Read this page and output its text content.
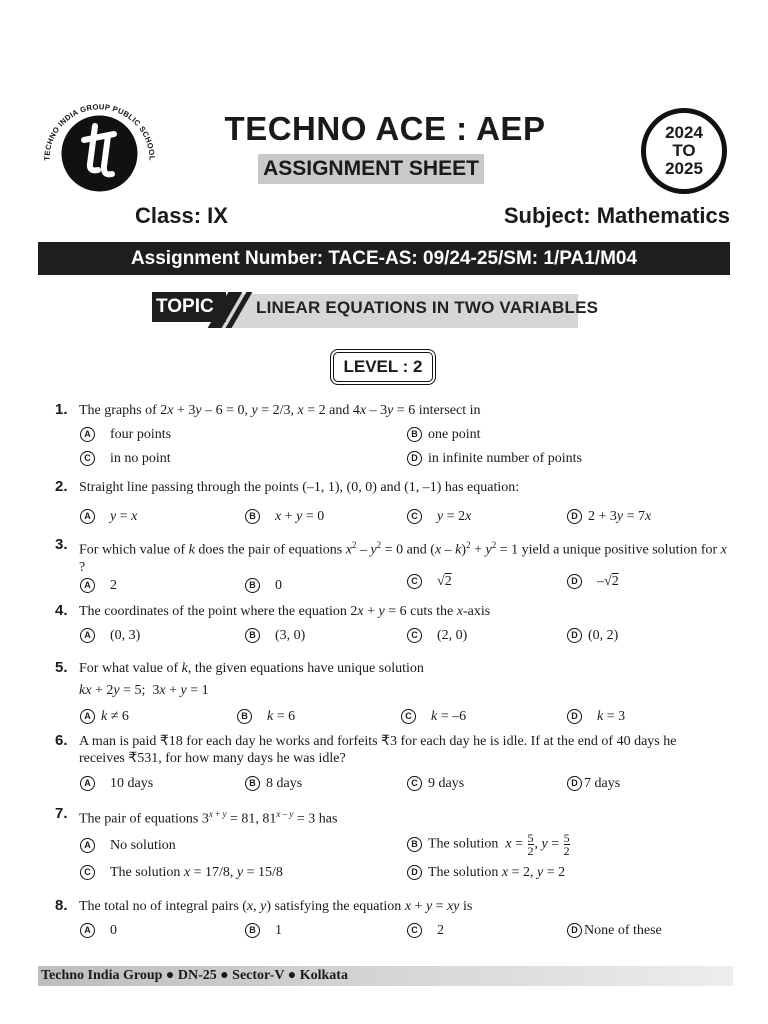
TECHNO INDIA GROUP PUBLIC SCHOOL
TECHNO ACE : AEP
ASSIGNMENT SHEET
2024
TO
2025
Class: IX	Subject: Mathematics
Assignment Number: TACE-AS: 09/24-25/SM: 1/PA1/M04
TOPIC	LINEAR EQUATIONS IN TWO VARIABLES
LEVEL : 2
1. The graphs of 2x + 3y – 6 = 0, y = 2/3, x = 2 and 4x – 3y = 6 intersect in
A four points	B one point
C in no point	D in infinite number of points
2. Straight line passing through the points (–1, 1), (0, 0) and (1, –1) has equation:
A y = x	B x + y = 0	C y = 2x	D 2 + 3y = 7x
3. For which value of k does the pair of equations $x^2 - y^2 = 0$ and $(x - k)^2 + y^2 = 1$ yield a unique positive solution for x ?
A 2	B 0	C √2	D –√2
4. The coordinates of the point where the equation 2x + y = 6 cuts the x-axis
A (0, 3)	B (3, 0)	C (2, 0)	D (0, 2)
5. For what value of k, the given equations have unique solution
kx + 2y = 5;  3x + y = 1
A k ≠ 6	B k = 6	C k = –6	D k = 3
6. A man is paid ₹18 for each day he works and forfeits ₹3 for each day he is idle. If at the end of 40 days he
receives ₹531, for how many days he was idle?
A 10 days	B 8 days	C 9 days	D 7 days
7. The pair of equations $3^{x + y} = 81$, $81^{x - y} = 3$ has
A No solution	B The solution $x = \frac{5}{2}$ , $y = \frac{5}{2}$
C The solution x = 17/8, y = 15/8	D The solution x = 2, y = 2
8. The total no of integral pairs (x, y) satisfying the equation x + y = xy is
A 0	B 1	C 2	D None of these
Techno India Group ● DN-25 ● Sector-V ● Kolkata
